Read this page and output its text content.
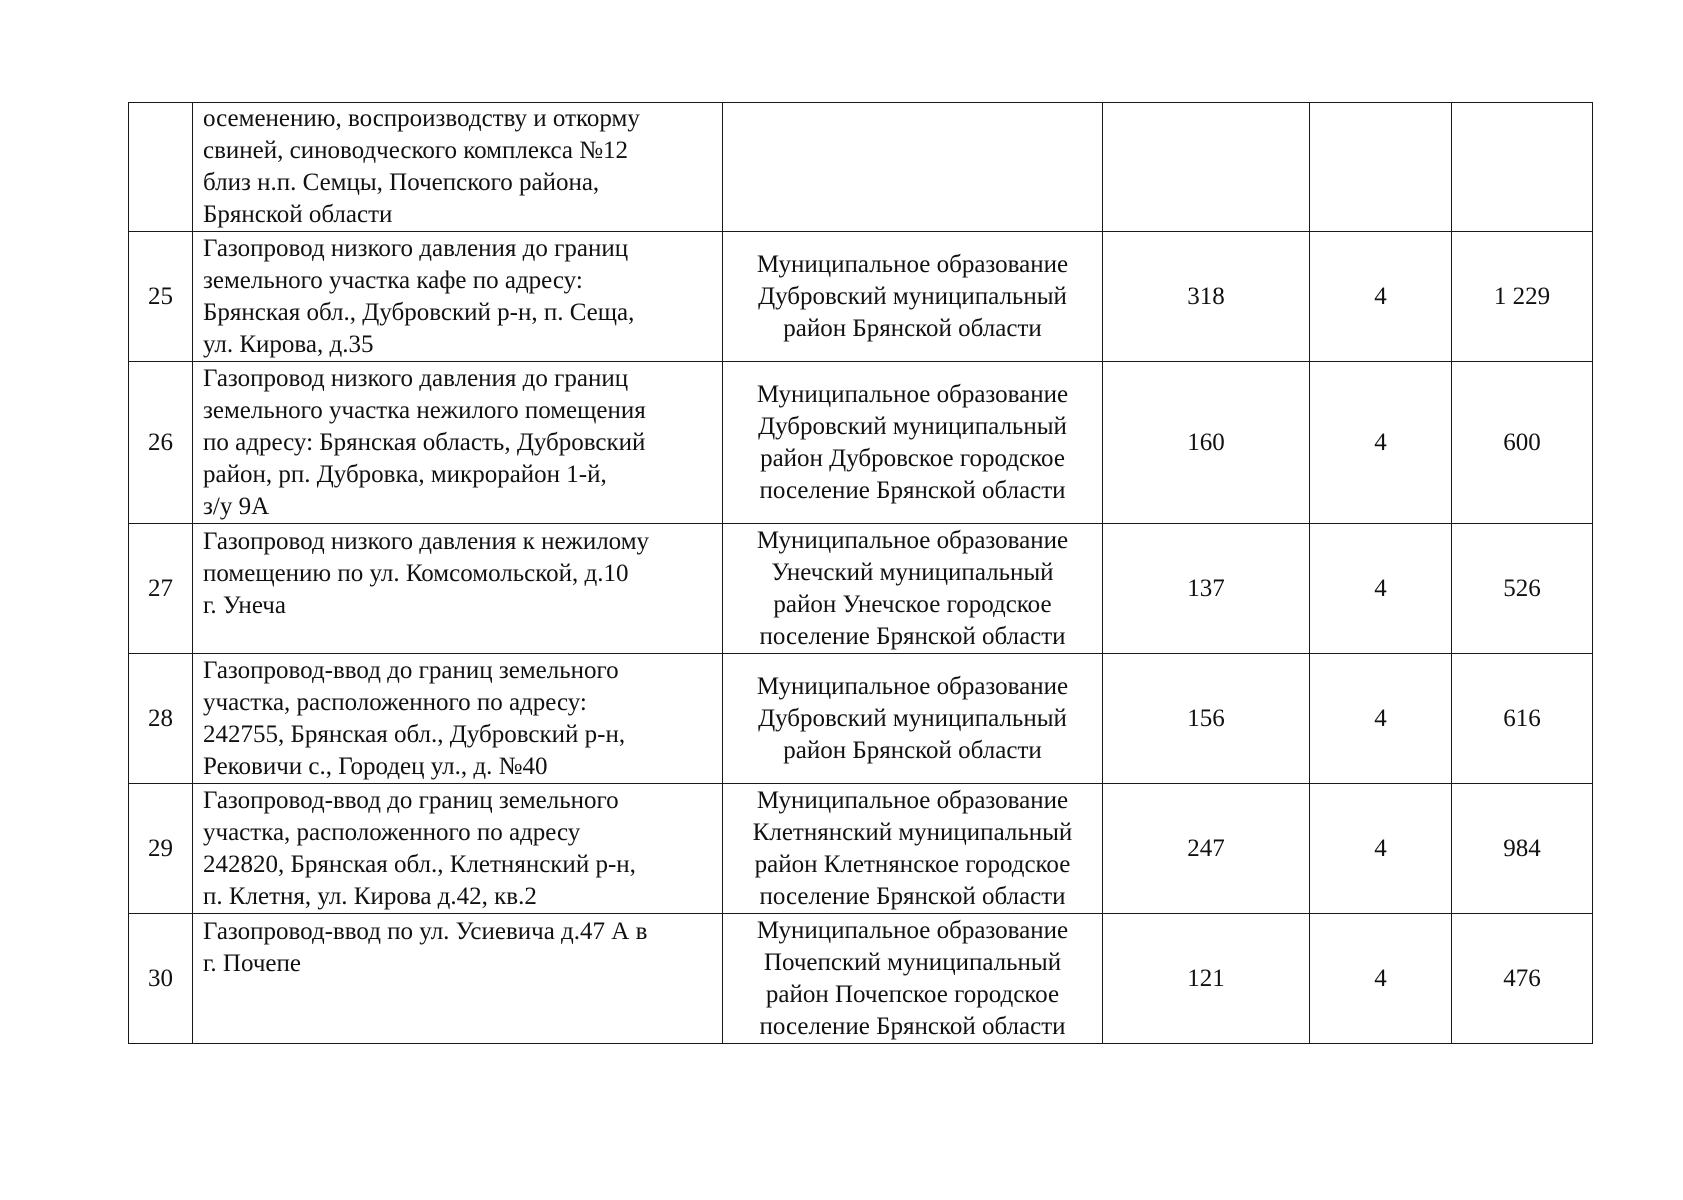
	осеменению, воспроизводству и откорму
свиней, синоводческого комплекса №12
близ н.п. Семцы, Почепского района,
Брянской области				

25	Газопровод низкого давления до границ
земельного участка кафе по адресу:
Брянская обл., Дубровский р-н, п. Сеща,
ул. Кирова, д.35	Муниципальное образование
Дубровский муниципальный
район Брянской области	318	4	1 229
26	Газопровод низкого давления до границ
земельного участка нежилого помещения
по адресу: Брянская область, Дубровский
район, рп. Дубровка, микрорайон 1-й,
з/у 9А	Муниципальное образование
Дубровский муниципальный
район Дубровское городское
поселение Брянской области	160	4	600
27	Газопровод низкого давления к нежилому
помещению по ул. Комсомольской, д.10
г. Унеча	Муниципальное образование
Унечский муниципальный
район Унечское городское
поселение Брянской области	137	4	526
28	Газопровод-ввод до границ земельного
участка, расположенного по адресу:
242755, Брянская обл., Дубровский р-н,
Рековичи с., Городец ул., д. №40	Муниципальное образование
Дубровский муниципальный
район Брянской области	156	4	616
29	Газопровод-ввод до границ земельного
участка, расположенного по адресу
242820, Брянская обл., Клетнянский р-н,
п. Клетня, ул. Кирова д.42, кв.2	Муниципальное образование
Клетнянский муниципальный
район Клетнянское городское
поселение Брянской области	247	4	984
30	Газопровод-ввод по ул. Усиевича д.47 А в
г. Почепе	Муниципальное образование
Почепский муниципальный
район Почепское городское
поселение Брянской области	121	4	476
